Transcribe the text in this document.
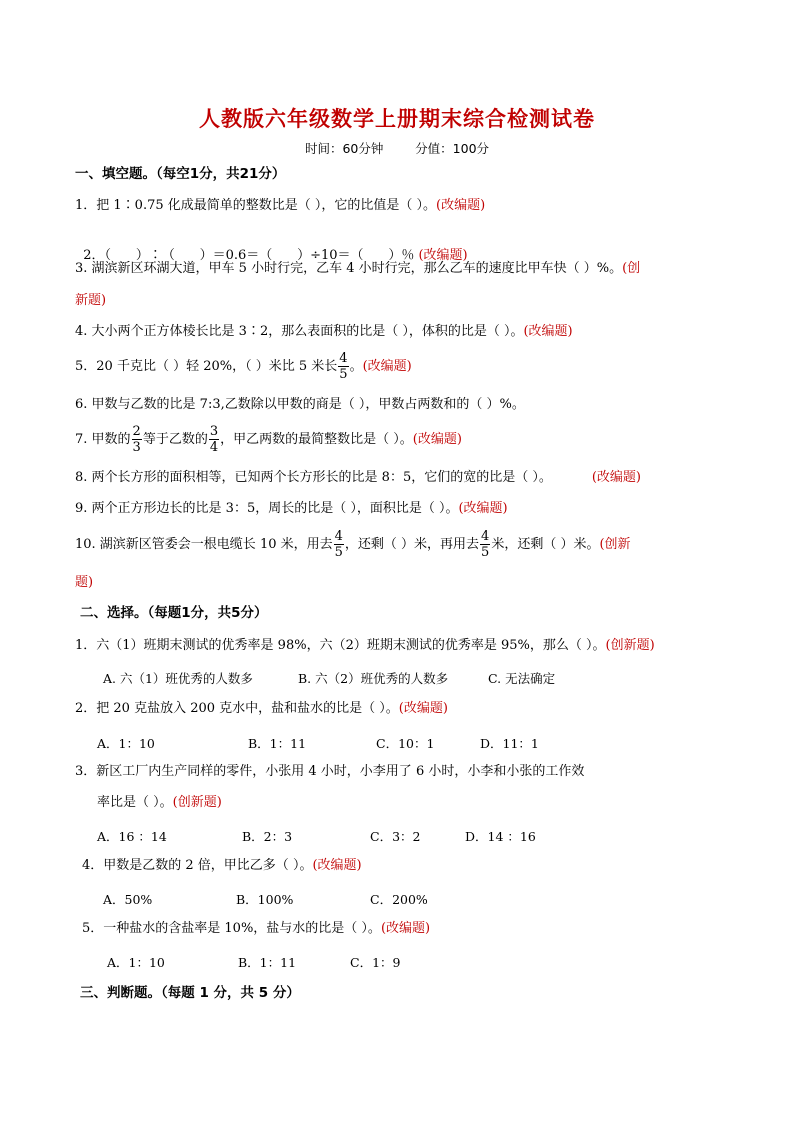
人教版六年级数学上册期末综合检测试卷
时间：60分钟        分值：100分
一、填空题。（每空1分，共21分）
1．把 1∶0.75 化成最简单的整数比是（ ），它的比值是（ ）。(改编题)

2．（      ）∶（      ）＝0.6＝（      ）÷10＝（      ）％ (改编题)

3. 湖滨新区环湖大道，甲车 5 小时行完，乙车 4 小时行完，那么乙车的速度比甲车快（ ）%。(创
新题)
4. 大小两个正方体棱长比是 3∶2，那么表面积的比是（ ），体积的比是（ ）。(改编题)
5．20 千克比（ ）轻 20%，（ ）米比 5 米长 $\frac{4}{5}$ 。(改编题)
6. 甲数与乙数的比是 7:3,乙数除以甲数的商是（ ），甲数占两数和的（ ）%。
7. 甲数的 $\frac{2}{3}$ 等于乙数的 $\frac{3}{4}$ ，甲乙两数的最简整数比是（ ）。(改编题)
8. 两个长方形的面积相等，已知两个长方形长的比是 8：5，它们的宽的比是（ ）。	(改编题)
9. 两个正方形边长的比是 3：5，周长的比是（ ），面积比是（ ）。(改编题)
10. 湖滨新区管委会一根电缆长 10 米，用去 $\frac{4}{5}$ ，还剩（ ）米，再用去 $\frac{4}{5}$ 米，还剩（ ）米。(创新
题)
二、选择。（每题1分，共5分）
1．六（1）班期末测试的优秀率是 98%，六（2）班期末测试的优秀率是 95%，那么（ ）。(创新题)
A. 六（1）班优秀的人数多	B. 六（2）班优秀的人数多	C. 无法确定
2．把 20 克盐放入 200 克水中，盐和盐水的比是（ ）。(改编题)
A．1：10	B．1：11	C．10：1	D．11：1
3．新区工厂内生产同样的零件，小张用 4 小时，小李用了 6 小时，小李和小张的工作效
率比是（ ）。(创新题)
A．16 ：14	B．2：3	C．3：2	D．14 ：16
4．甲数是乙数的 2 倍，甲比乙多（ ）。(改编题)
A．50%	B．100%	C．200%
5．一种盐水的含盐率是 10%，盐与水的比是（ ）。(改编题)
A．1：10	B．1：11	C．1：9
三、判断题。（每题 1 分，共 5 分）
